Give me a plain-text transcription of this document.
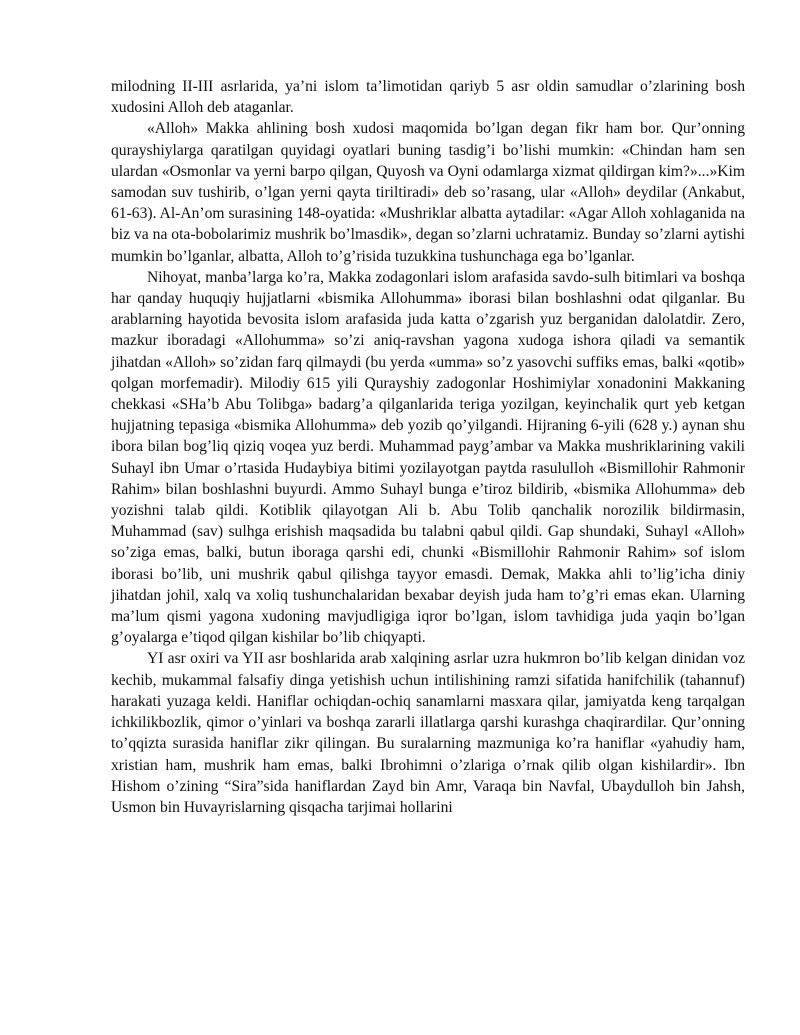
milodning II-III asrlarida, ya’ni islom ta’limotidan qariyb 5 asr oldin samudlar o’zlarining bosh xudosini Alloh deb ataganlar.

«Alloh» Makka ahlining bosh xudosi maqomida bo’lgan degan fikr ham bor. Qur’onning qurayshiylarga qaratilgan quyidagi oyatlari buning tasdig’i bo’lishi mumkin: «Chindan ham sen ulardan «Osmonlar va yerni barpo qilgan, Quyosh va Oyni odamlarga xizmat qildirgan kim?»...»Kim samodan suv tushirib, o’lgan yerni qayta tiriltiradi» deb so’rasang, ular «Alloh» deydilar (Ankabut, 61-63). Al-An’om surasining 148-oyatida: «Mushriklar albatta aytadilar: «Agar Alloh xohlaganida na biz va na ota-bobolarimiz mushrik bo’lmasdik», degan so’zlarni uchratamiz. Bunday so’zlarni aytishi mumkin bo’lganlar, albatta, Alloh to’g’risida tuzukkina tushunchaga ega bo’lganlar.

Nihoyat, manba’larga ko’ra, Makka zodagonlari islom arafasida savdo-sulh bitimlari va boshqa har qanday huquqiy hujjatlarni «bismika Allohumma» iborasi bilan boshlashni odat qilganlar. Bu arablarning hayotida bevosita islom arafasida juda katta o’zgarish yuz berganidan dalolatdir. Zero, mazkur iboradagi «Allohumma» so’zi aniq-ravshan yagona xudoga ishora qiladi va semantik jihatdan «Alloh» so’zidan farq qilmaydi (bu yerda «umma» so’z yasovchi suffiks emas, balki «qotib» qolgan morfemadir). Milodiy 615 yili Qurayshiy zadogonlar Hoshimiylar xonadonini Makkaning chekkasi «SHa’b Abu Tolibga» badarg’a qilganlarida teriga yozilgan, keyinchalik qurt yeb ketgan hujjatning tepasiga «bismika Allohumma» deb yozib qo’yilgandi. Hijraning 6-yili (628 y.) aynan shu ibora bilan bog’liq qiziq voqea yuz berdi. Muhammad payg’ambar va Makka mushriklarining vakili Suhayl ibn Umar o’rtasida Hudaybiya bitimi yozilayotgan paytda rasululloh «Bismillohir Rahmonir Rahim» bilan boshlashni buyurdi. Ammo Suhayl bunga e’tiroz bildirib, «bismika Allohumma» deb yozishni talab qildi. Kotiblik qilayotgan Ali b. Abu Tolib qanchalik norozilik bildirmasin, Muhammad (sav) sulhga erishish maqsadida bu talabni qabul qildi. Gap shundaki, Suhayl «Alloh» so’ziga emas, balki, butun iboraga qarshi edi, chunki «Bismillohir Rahmonir Rahim» sof islom iborasi bo’lib, uni mushrik qabul qilishga tayyor emasdi. Demak, Makka ahli to’lig’icha diniy jihatdan johil, xalq va xoliq tushunchalaridan bexabar deyish juda ham to’g’ri emas ekan. Ularning ma’lum qismi yagona xudoning mavjudligiga iqror bo’lgan, islom tavhidiga juda yaqin bo’lgan g’oyalarga e’tiqod qilgan kishilar bo’lib chiqyapti.

YI asr oxiri va YII asr boshlarida arab xalqining asrlar uzra hukmron bo’lib kelgan dinidan voz kechib, mukammal falsafiy dinga yetishish uchun intilishining ramzi sifatida hanifchilik (tahannuf) harakati yuzaga keldi. Haniflar ochiqdan-ochiq sanamlarni masxara qilar, jamiyatda keng tarqalgan ichkilikbozlik, qimor o’yinlari va boshqa zararli illatlarga qarshi kurashga chaqirardilar. Qur’onning to’qqizta surasida haniflar zikr qilingan. Bu suralarning mazmuniga ko’ra haniflar «yahudiy ham, xristian ham, mushrik ham emas, balki Ibrohimni o’zlariga o’rnak qilib olgan kishilardir». Ibn Hishom o’zining “Sira”sida haniflardan Zayd bin Amr, Varaqa bin Navfal, Ubaydulloh bin Jahsh, Usmon bin Huvayrislarning qisqacha tarjimai hollarini
